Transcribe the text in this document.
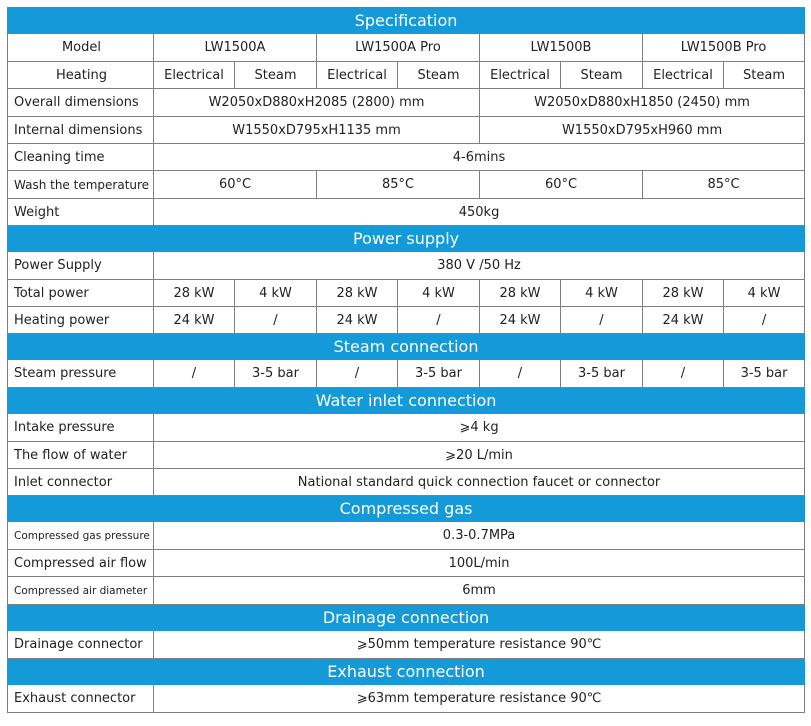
Specification								
Model	LW1500A		LW1500A Pro		LW1500B		LW1500B Pro	
Heating	Electrical	Steam	Electrical	Steam	Electrical	Steam	Electrical	Steam
Overall dimensions	W2050xD880xH2085 (2800) mm				W2050xD880xH1850 (2450) mm			
Internal dimensions	W1550xD795xH1135 mm				W1550xD795xH960 mm			
Cleaning time	4-6mins							
Wash the temperature	60°C		85°C		60°C		85°C	
Weight	450kg							
Power supply								
Power Supply	380 V /50 Hz							
Total power	28 kW	4 kW	28 kW	4 kW	28 kW	4 kW	28 kW	4 kW
Heating power	24 kW	/	24 kW	/	24 kW	/	24 kW	/
Steam connection								
Steam pressure	/	3-5 bar	/	3-5 bar	/	3-5 bar	/	3-5 bar
Water inlet connection								
Intake pressure	⩾4 kg							
The flow of water	⩾20 L/min							
Inlet connector	National standard quick connection faucet or connector							
Compressed gas								
Compressed gas pressure	0.3-0.7MPa							
Compressed air flow	100L/min							
Compressed air diameter	6mm							
Drainage connection								
Drainage connector	⩾50mm temperature resistance 90℃							
Exhaust connection								
Exhaust connector	⩾63mm temperature resistance 90℃							
